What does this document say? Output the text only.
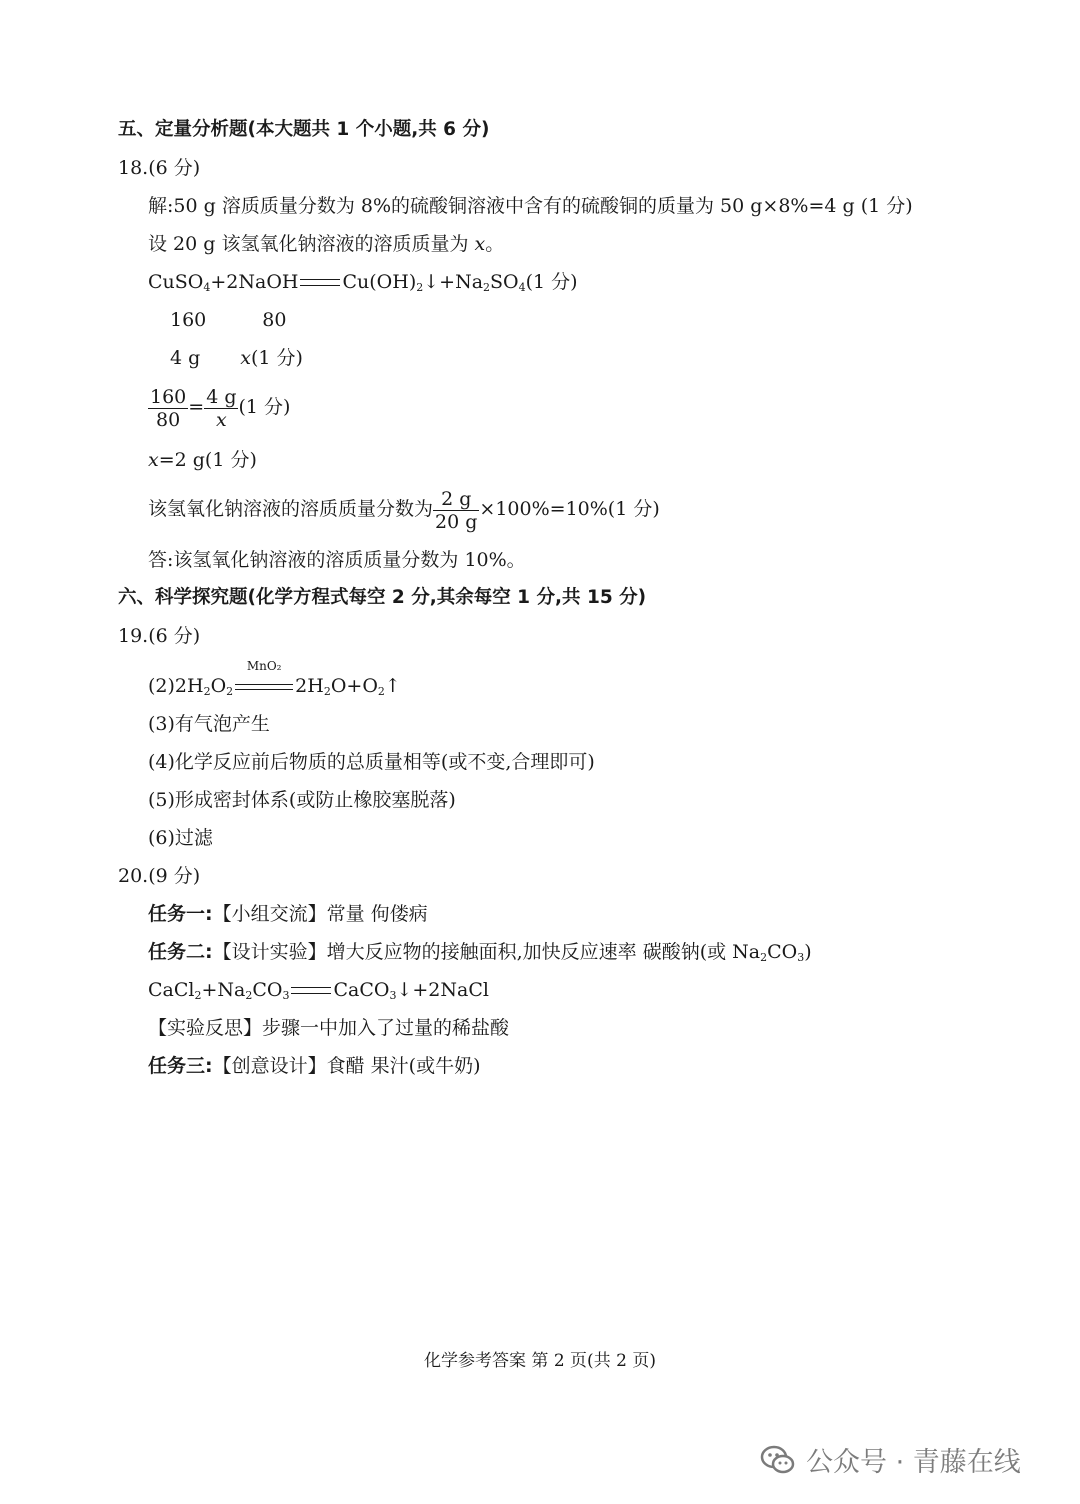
五、定量分析题(本大题共 1 个小题,共 6 分)
18.(6 分)
解:50 g 溶质质量分数为 8%的硫酸铜溶液中含有的硫酸铜的质量为 50 g×8%=4 g (1 分)
设 20 g 该氢氧化钠溶液的溶质质量为 x。
CuSO$_4$+2NaOH $Cu(OH)_2↓+Na_2SO_4(1$ 分)
160	80
4 g x(1 分)
$\frac{160}{80} = \frac{4 g}{x} (1$ 分)
x=2 g(1 分)
该氢氧化钠溶液的溶质质量分数为 $\frac{2 g}{20 g} \times 100\%=10\%(1$ 分)
答:该氢氧化钠溶液的溶质质量分数为 10%。
六、科学探究题(化学方程式每空 2 分,其余每空 1 分,共 15 分)
19.(6 分)
$(2)2H_2O_2$
MnO₂
$2H_2O+O_2↑$
(3)有气泡产生
(4)化学反应前后物质的总质量相等(或不变,合理即可)
(5)形成密封体系(或防止橡胶塞脱落)
(6)过滤
20.(9 分)
任务一:【小组交流】常量 佝偻病
任务二:【设计实验】增大反应物的接触面积,加快反应速率 碳酸钠(或 $Na_2CO_3$)
$CaCl_2+Na_2CO_3$ CaCO$_3$↓+2NaCl
【实验反思】步骤一中加入了过量的稀盐酸
任务三:【创意设计】食醋 果汁(或牛奶)
化学参考答案 第 2 页(共 2 页)
公众号 · 青藤在线
